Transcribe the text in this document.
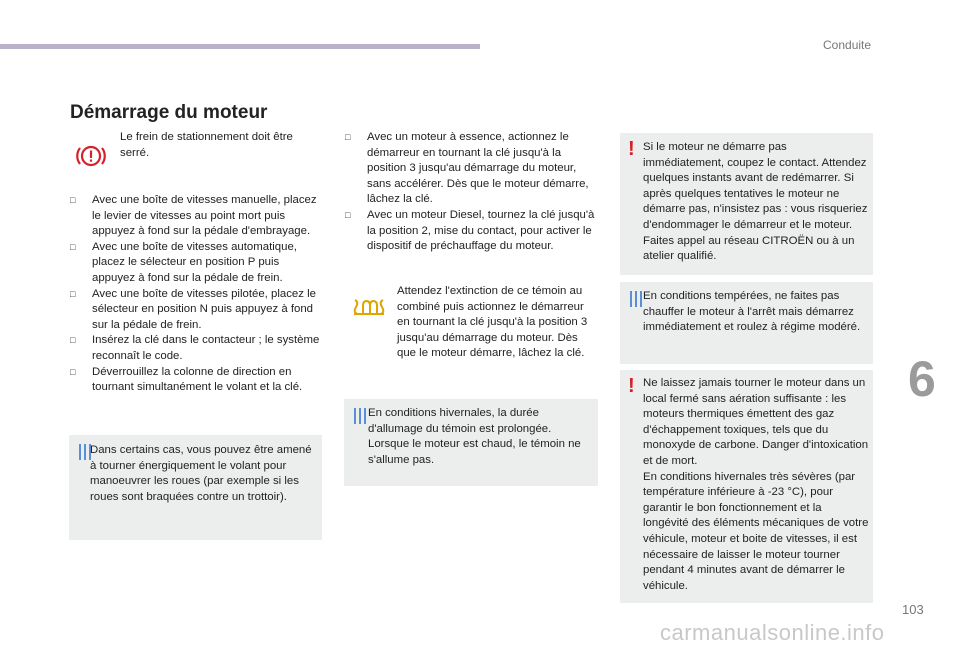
Conduite
Démarrage du moteur
Le frein de stationnement doit être serré.
□ Avec une boîte de vitesses manuelle, placez le levier de vitesses au point mort puis appuyez à fond sur la pédale d'embrayage.
□ Avec une boîte de vitesses automatique, placez le sélecteur en position P puis appuyez à fond sur la pédale de frein.
□ Avec une boîte de vitesses pilotée, placez le sélecteur en position N puis appuyez à fond sur la pédale de frein.
□ Insérez la clé dans le contacteur ; le système reconnaît le code.
□ Déverrouillez la colonne de direction en tournant simultanément le volant et la clé.
Dans certains cas, vous pouvez être amené à tourner énergiquement le volant pour manoeuvrer les roues (par exemple si les roues sont braquées contre un trottoir).
□ Avec un moteur à essence, actionnez le démarreur en tournant la clé jusqu'à la position 3 jusqu'au démarrage du moteur, sans accélérer. Dès que le moteur démarre, lâchez la clé.
□ Avec un moteur Diesel, tournez la clé jusqu'à la position 2, mise du contact, pour activer le dispositif de préchauffage du moteur.
Attendez l'extinction de ce témoin au combiné puis actionnez le démarreur en tournant la clé jusqu'à la position 3 jusqu'au démarrage du moteur. Dès que le moteur démarre, lâchez la clé.
En conditions hivernales, la durée d'allumage du témoin est prolongée. Lorsque le moteur est chaud, le témoin ne s'allume pas.
! Si le moteur ne démarre pas immédiatement, coupez le contact. Attendez quelques instants avant de redémarrer. Si après quelques tentatives le moteur ne démarre pas, n'insistez pas : vous risqueriez d'endommager le démarreur et le moteur. Faites appel au réseau CITROËN ou à un atelier qualifié.
En conditions tempérées, ne faites pas chauffer le moteur à l'arrêt mais démarrez immédiatement et roulez à régime modéré.
! Ne laissez jamais tourner le moteur dans un local fermé sans aération suffisante : les moteurs thermiques émettent des gaz d'échappement toxiques, tels que du monoxyde de carbone. Danger d'intoxication et de mort.
En conditions hivernales très sévères (par température inférieure à -23 °C), pour garantir le bon fonctionnement et la longévité des éléments mécaniques de votre véhicule, moteur et boite de vitesses, il est nécessaire de laisser le moteur tourner pendant 4 minutes avant de démarrer le véhicule.
6
103
carmanualsonline.info
